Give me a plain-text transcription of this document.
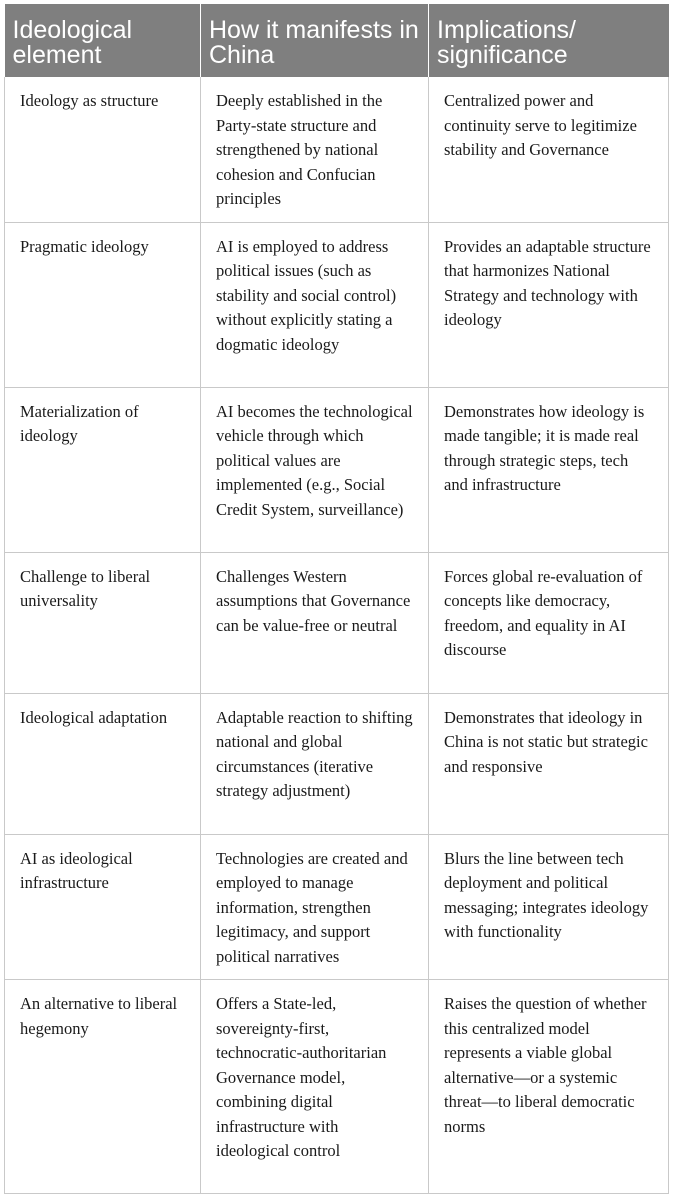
Ideological element	How it manifests in China	Implications/ significance
Ideology as structure	Deeply established in the Party-state structure and strengthened by national cohesion and Confucian principles	Centralized power and continuity serve to legitimize stability and Governance
Pragmatic ideology	AI is employed to address political issues (such as stability and social control) without explicitly stating a dogmatic ideology	Provides an adaptable structure that harmonizes National Strategy and technology with ideology
Materialization of ideology	AI becomes the technological vehicle through which political values are implemented (e.g., Social Credit System, surveillance)	Demonstrates how ideology is made tangible; it is made real through strategic steps, tech and infrastructure
Challenge to liberal universality	Challenges Western assumptions that Governance can be value-free or neutral	Forces global re-evaluation of concepts like democracy, freedom, and equality in AI discourse
Ideological adaptation	Adaptable reaction to shifting national and global circumstances (iterative strategy adjustment)	Demonstrates that ideology in China is not static but strategic and responsive
AI as ideological infrastructure	Technologies are created and employed to manage information, strengthen legitimacy, and support political narratives	Blurs the line between tech deployment and political messaging; integrates ideology with functionality
An alternative to liberal hegemony	Offers a State-led, sovereignty-first, technocratic-authoritarian Governance model, combining digital infrastructure with ideological control	Raises the question of whether this centralized model represents a viable global alternative—or a systemic threat—to liberal democratic norms
